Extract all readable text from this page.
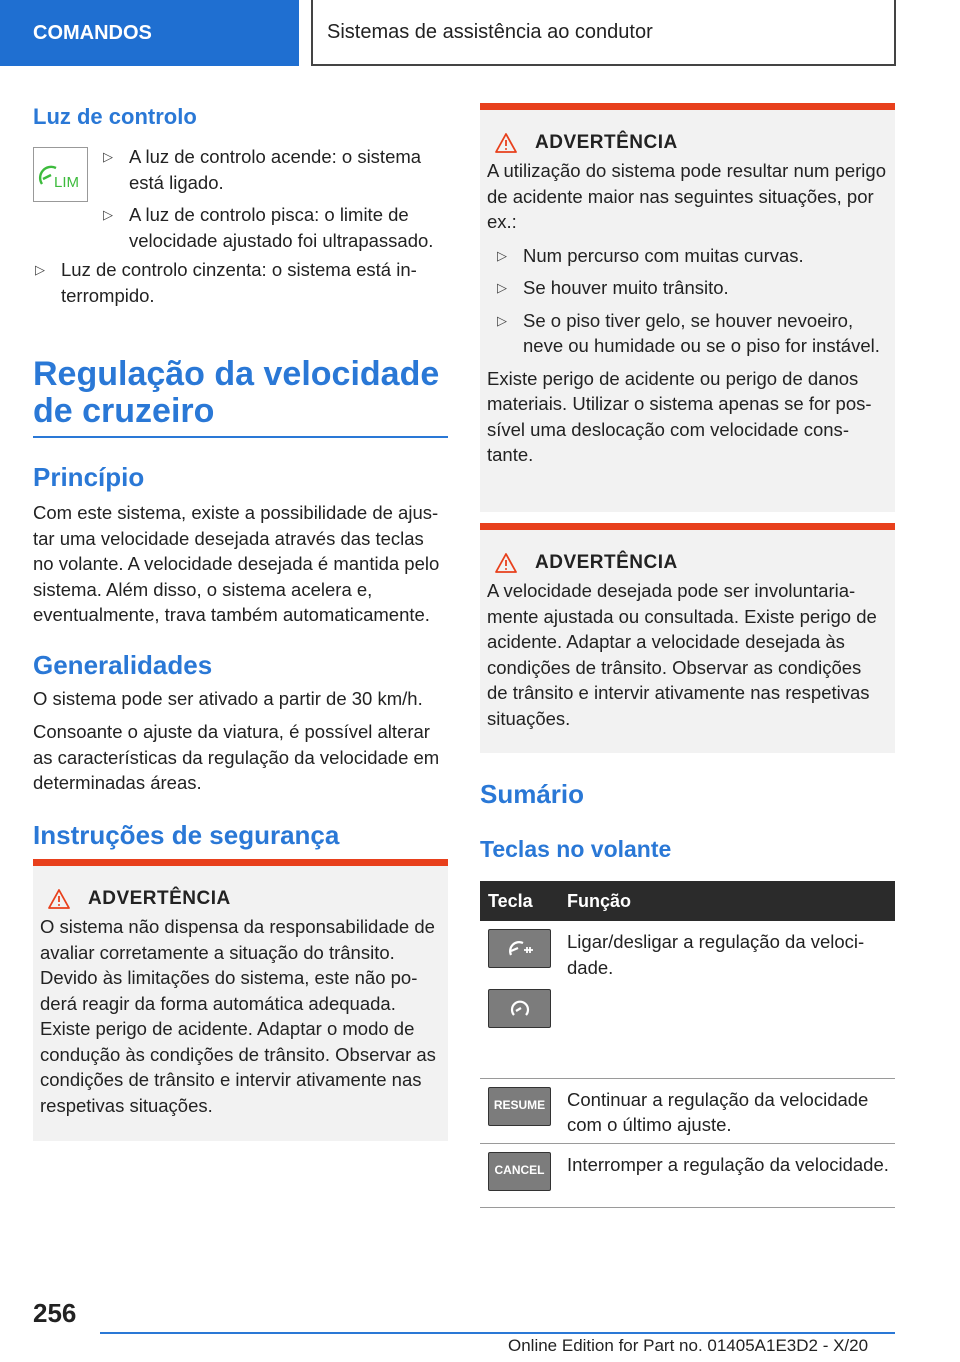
COMANDOS	Sistemas de assistência ao condutor
Luz de controlo
LIM
▷ A luz de controlo acende: o sistema está ligado.
▷ A luz de controlo pisca: o limite de velocidade ajustado foi ultrapassado.
▷ Luz de controlo cinzenta: o sistema está interrompido.
Regulação da velocidade de cruzeiro
Princípio

Com este sistema, existe a possibilidade de ajustar uma velocidade desejada através das teclas no volante. A velocidade desejada é mantida pelo sistema. Além disso, o sistema acelera e, eventualmente, trava também automaticamente.

Generalidades

O sistema pode ser ativado a partir de 30 km/h.

Consoante o ajuste da viatura, é possível alterar as características da regulação da velocidade em determinadas áreas.

Instruções de segurança
ADVERTÊNCIA

O sistema não dispensa da responsabilidade de avaliar corretamente a situação do trânsito. Devido às limitações do sistema, este não poderá reagir da forma automática adequada. Existe perigo de acidente. Adaptar o modo de condução às condições de trânsito. Observar as condições de trânsito e intervir ativamente nas respetivas situações.

ADVERTÊNCIA

A utilização do sistema pode resultar num perigo de acidente maior nas seguintes situações, por ex.:

▷ Num percurso com muitas curvas.
▷ Se houver muito trânsito.
▷ Se o piso tiver gelo, se houver nevoeiro, neve ou humidade ou se o piso for instável.

Existe perigo de acidente ou perigo de danos materiais. Utilizar o sistema apenas se for possível uma deslocação com velocidade constante.

ADVERTÊNCIA

A velocidade desejada pode ser involuntariamente ajustada ou consultada. Existe perigo de acidente. Adaptar a velocidade desejada às condições de trânsito. Observar as condições de trânsito e intervir ativamente nas respetivas situações.

Sumário
Teclas no volante
Tecla	Função

	Ligar/desligar a regulação da velocidade.

RESUME	Continuar a regulação da velocidade com o último ajuste.

CANCEL	Interromper a regulação da velocidade.
256
Online Edition for Part no. 01405A1E3D2 - X/20
